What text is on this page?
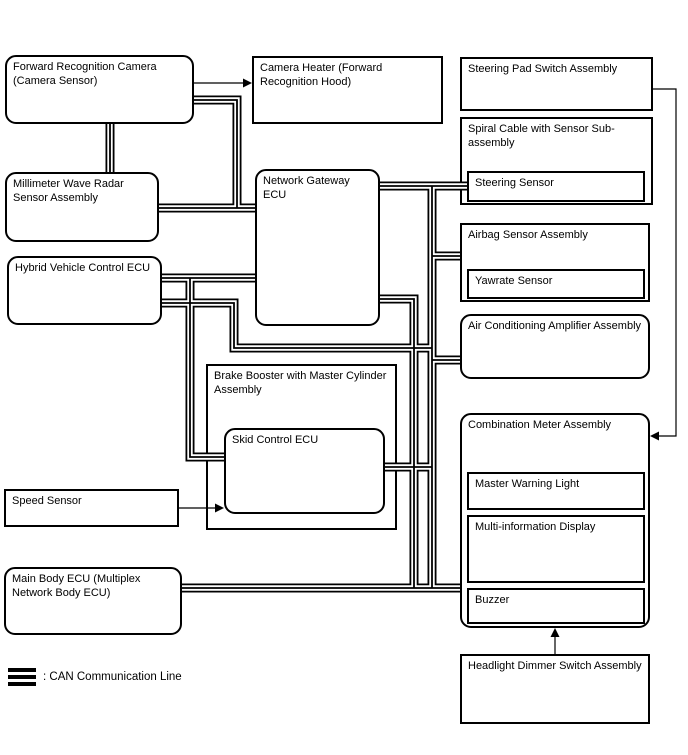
: CAN Communication Line
Forward Recognition Camera (Camera Sensor)
Camera Heater (Forward Recognition Hood)
Millimeter Wave Radar Sensor Assembly
Network Gateway ECU
Hybrid Vehicle Control ECU
Brake Booster with Master Cylinder Assembly
Skid Control ECU
Speed Sensor
Main Body ECU (Multiplex Network Body ECU)
Steering Pad Switch Assembly
Spiral Cable with Sensor Sub-assembly
Steering Sensor
Airbag Sensor Assembly
Yawrate Sensor
Air Conditioning Amplifier Assembly
Combination Meter Assembly
Master Warning Light
Multi-information Display
Buzzer
Headlight Dimmer Switch Assembly
